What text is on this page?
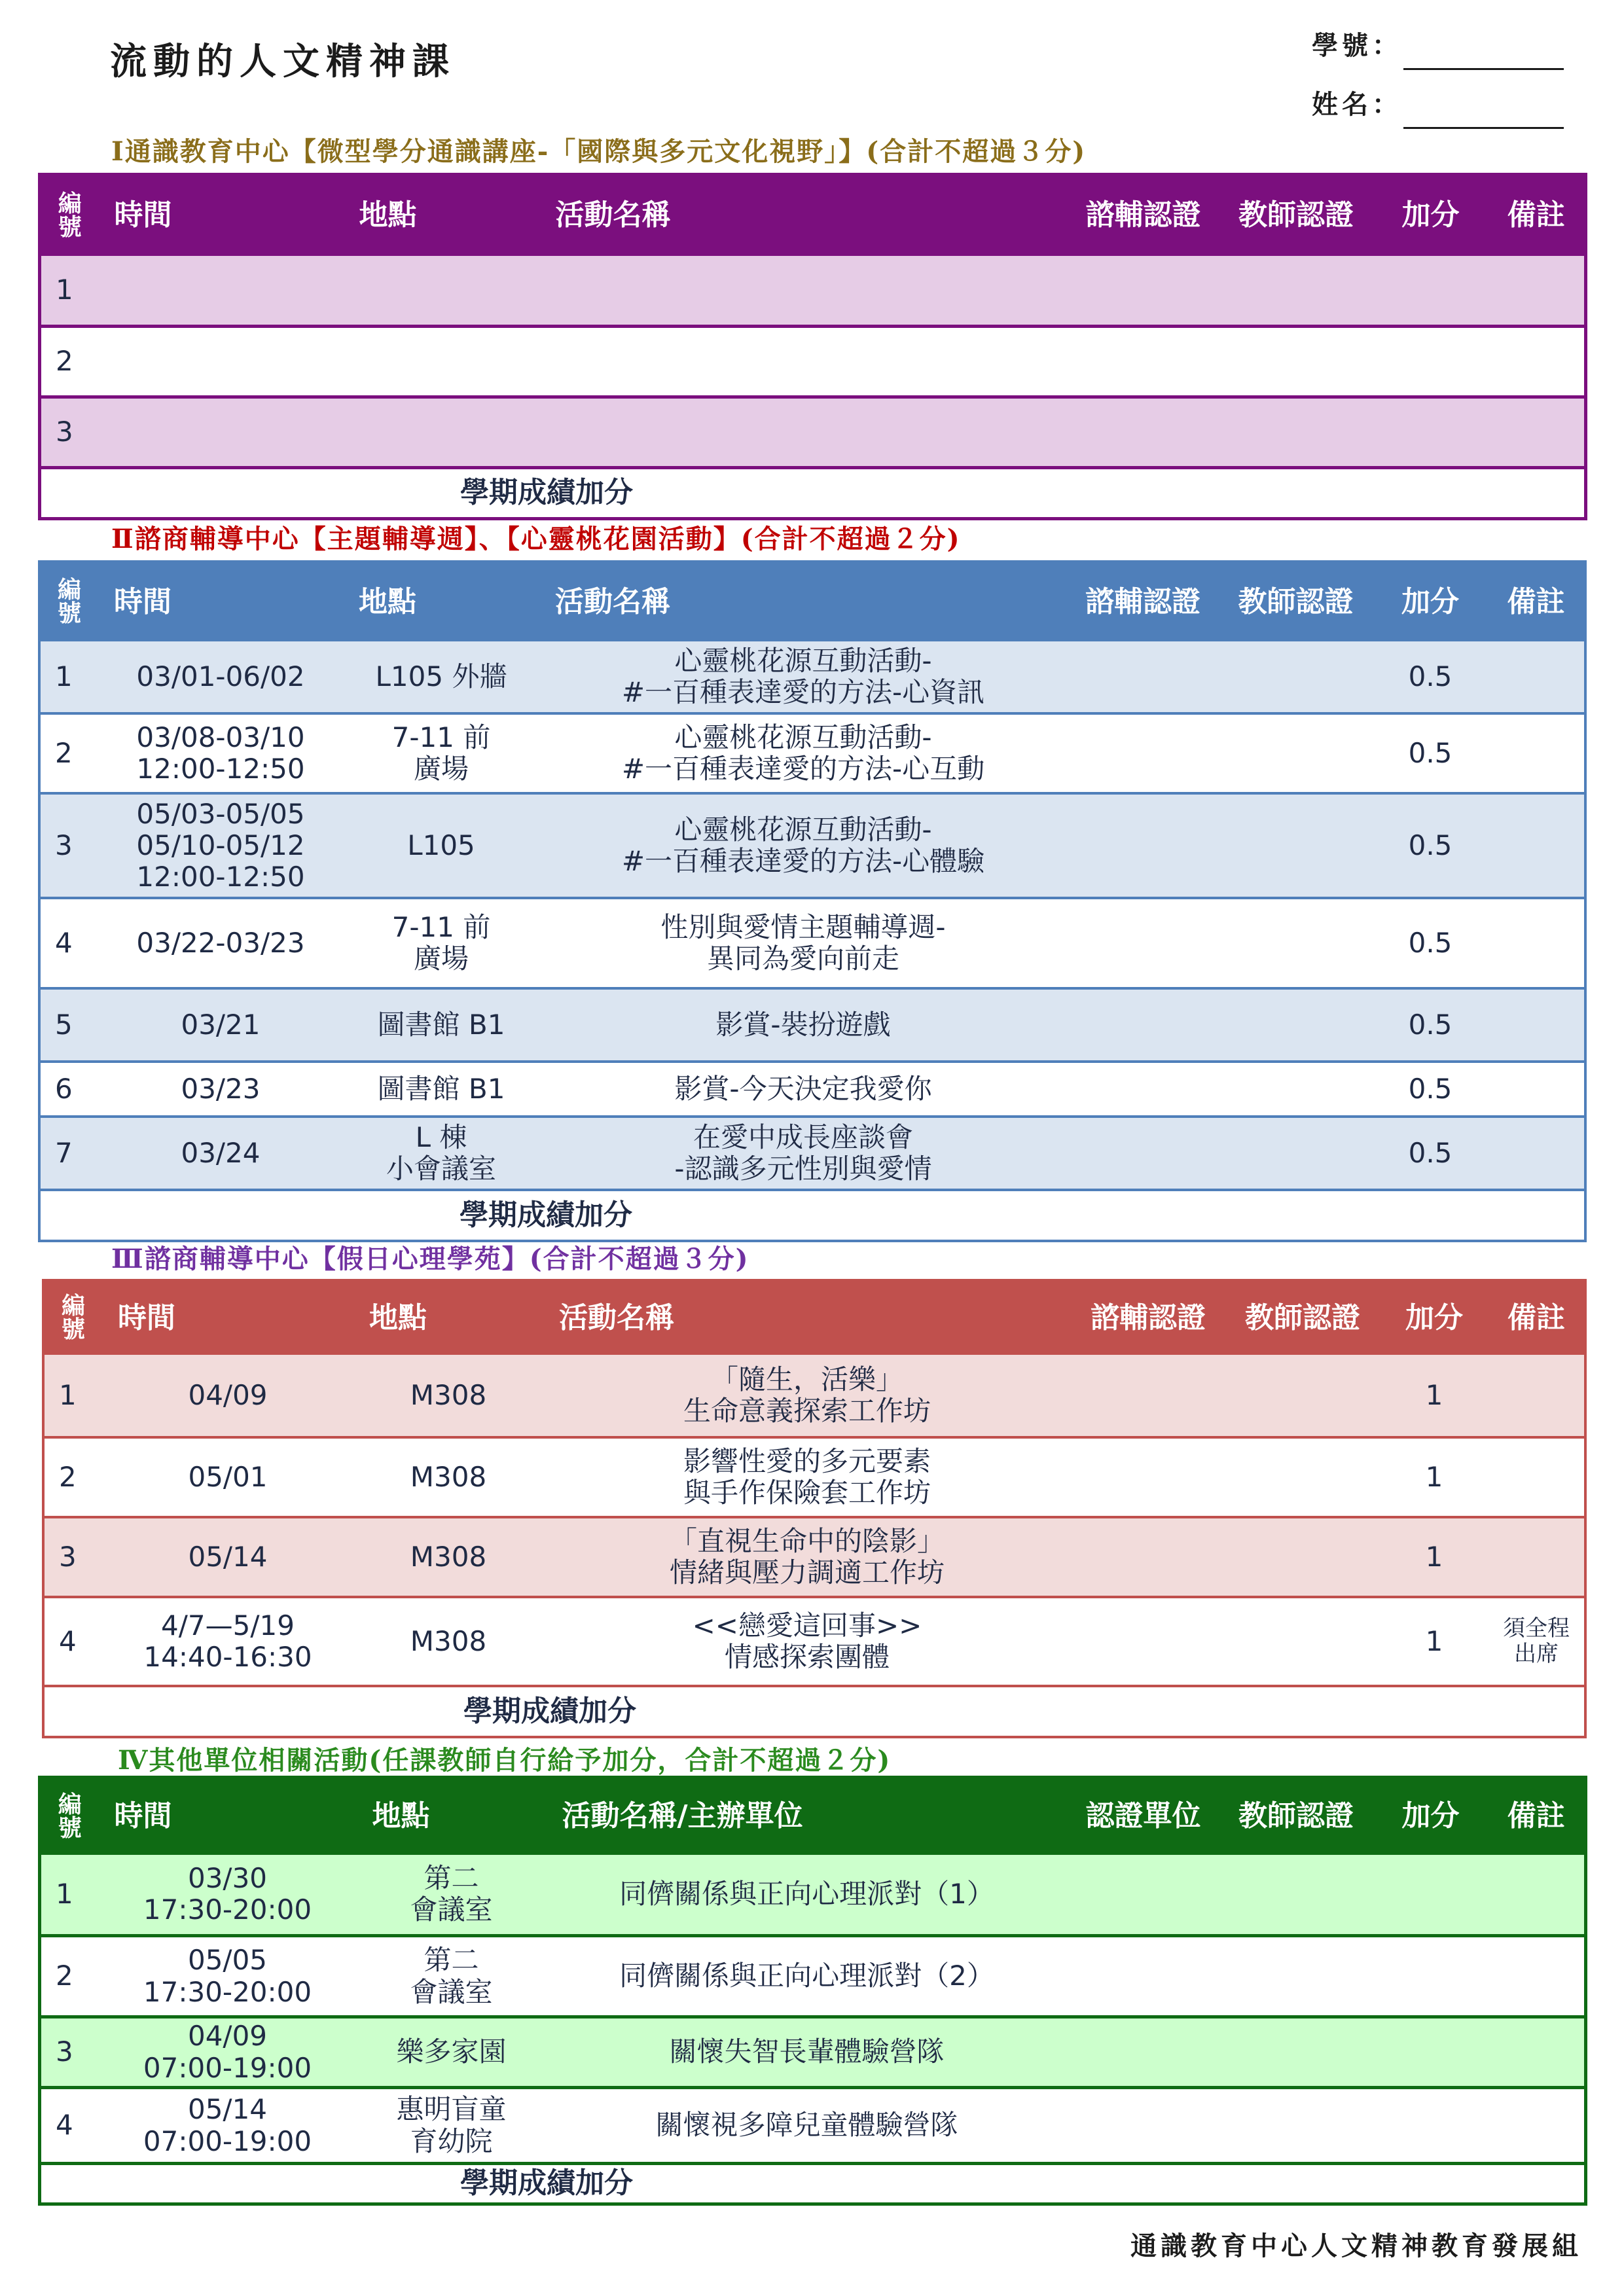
流動的人文精神課	學號：
姓名：
Ⅰ通識教育中心【微型學分通識講座-「國際與多元文化視野」】(合計不超過３分)
編
號	時間	地點	活動名稱	諮輔認證	教師認證	加分	備註
1							
2							
3							
學期成績加分							
Ⅱ諮商輔導中心【主題輔導週】、【心靈桃花園活動】(合計不超過２分)
編
號	時間	地點	活動名稱	諮輔認證	教師認證	加分	備註
1	03/01-06/02	L105 外牆	心靈桃花源互動活動-
#一百種表達愛的方法-心資訊			0.5	
2	03/08-03/10
12:00-12:50	7-11 前
廣場	心靈桃花源互動活動-
#一百種表達愛的方法-心互動			0.5	
3	05/03-05/05
05/10-05/12
12:00-12:50	L105	心靈桃花源互動活動-
#一百種表達愛的方法-心體驗			0.5	
4	03/22-03/23	7-11 前
廣場	性別與愛情主題輔導週-
異同為愛向前走			0.5	
5	03/21	圖書館 B1	影賞-裝扮遊戲			0.5	
6	03/23	圖書館 B1	影賞-今天決定我愛你			0.5	
7	03/24	L 棟
小會議室	在愛中成長座談會
-認識多元性別與愛情			0.5	
學期成績加分							
Ⅲ諮商輔導中心【假日心理學苑】(合計不超過３分)
編
號	時間	地點	活動名稱	諮輔認證	教師認證	加分	備註
1	04/09	M308	「隨生，活樂」
生命意義探索工作坊			1	
2	05/01	M308	影響性愛的多元要素
與手作保險套工作坊			1	
3	05/14	M308	「直視生命中的陰影」
情緒與壓力調適工作坊			1	
4	4/7—5/19
14:40-16:30	M308	<<戀愛這回事>>
情感探索團體			1	須全程
出席
學期成績加分							
Ⅳ其他單位相關活動(任課教師自行給予加分，合計不超過２分)
編
號	時間	地點	活動名稱/主辦單位	認證單位	教師認證	加分	備註
1	03/30
17:30-20:00	第二
會議室	同儕關係與正向心理派對（1）				
2	05/05
17:30-20:00	第二
會議室	同儕關係與正向心理派對（2）				
3	04/09
07:00-19:00	樂多家園	關懷失智長輩體驗營隊				
4	05/14
07:00-19:00	惠明盲童
育幼院	關懷視多障兒童體驗營隊				
學期成績加分							
通識教育中心人文精神教育發展組
